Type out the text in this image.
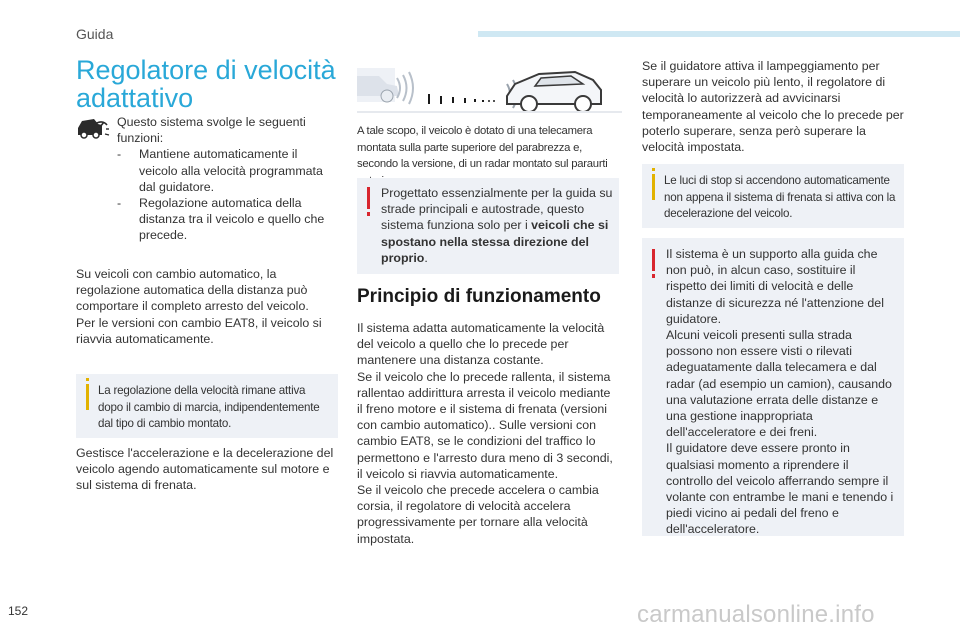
Guida
Regolatore di velocità
adattativo
Questo sistema svolge le seguenti funzioni:
- Mantiene automaticamente il veicolo alla velocità programmata dal guidatore.
- Regolazione automatica della distanza tra il veicolo e quello che precede.
Su veicoli con cambio automatico, la regolazione automatica della distanza può comportare il completo arresto del veicolo.
Per le versioni con cambio EAT8, il veicolo si riavvia automaticamente.
La regolazione della velocità rimane attiva dopo il cambio di marcia, indipendentemente dal tipo di cambio montato.
Gestisce l'accelerazione e la decelerazione del veicolo agendo automaticamente sul motore e sul sistema di frenata.
A tale scopo, il veicolo è dotato di una telecamera montata sulla parte superiore del parabrezza e, secondo la versione, di un radar montato sul paraurti
Progettato essenzialmente per la guida su strade principali e autostrade, questo sistema funziona solo per i veicoli che si spostano nella stessa direzione del proprio.
Principio di funzionamento
Il sistema adatta automaticamente la velocità del veicolo a quello che lo precede per mantenere una distanza costante.
Se il veicolo che lo precede rallenta, il sistema rallentao addirittura arresta il veicolo mediante il freno motore e il sistema di frenata (versioni con cambio automatico).. Sulle versioni con cambio EAT8, se le condizioni del traffico lo permettono e l'arresto dura meno di 3 secondi, il veicolo si riavvia automaticamente.
Se il veicolo che precede accelera o cambia corsia, il regolatore di velocità accelera progressivamente per tornare alla velocità impostata.
Se il guidatore attiva il lampeggiamento per superare un veicolo più lento, il regolatore di velocità lo autorizzerà ad avvicinarsi temporaneamente al veicolo che lo precede per poterlo superare, senza però superare la velocità impostata.
Le luci di stop si accendono automaticamente non appena il sistema di frenata si attiva con la decelerazione del veicolo.
Il sistema è un supporto alla guida che non può, in alcun caso, sostituire il rispetto dei limiti di velocità e delle distanze di sicurezza né l'attenzione del guidatore.
Alcuni veicoli presenti sulla strada possono non essere visti o rilevati adeguatamente dalla telecamera e dal radar (ad esempio un camion), causando una valutazione errata delle distanze e una gestione inappropriata dell'acceleratore e dei freni.
Il guidatore deve essere pronto in qualsiasi momento a riprendere il controllo del veicolo afferrando sempre il volante con entrambe le mani e tenendo i piedi vicino ai pedali del freno e dell'acceleratore.
152	carmanualsonline.info
